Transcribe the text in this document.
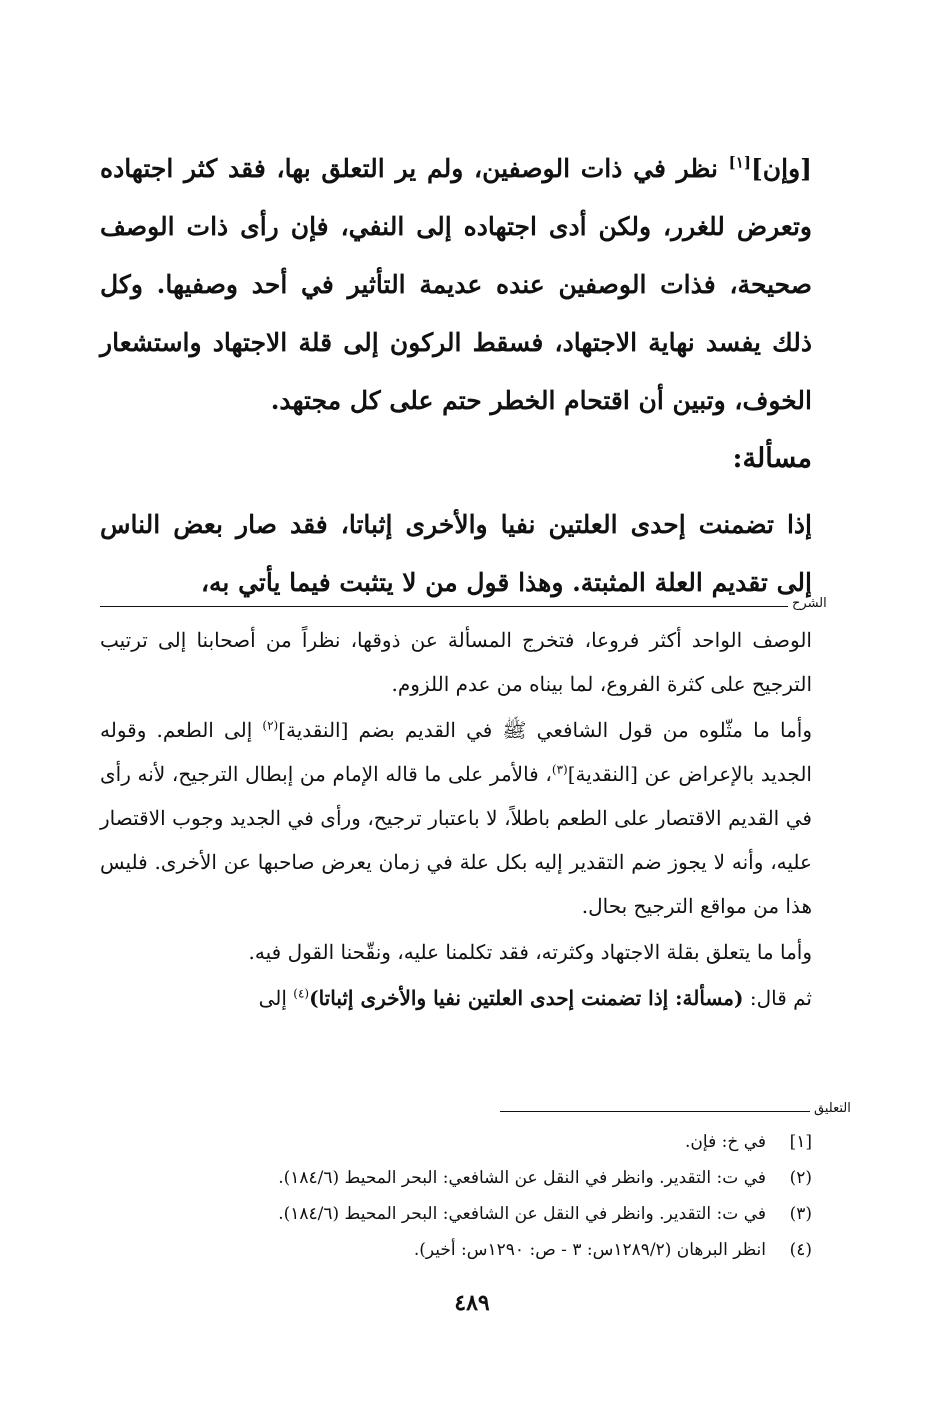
[وإن][١] نظر في ذات الوصفين، ولم ير التعلق بها، فقد كثر اجتهاده وتعرض للغرر، ولكن أدى اجتهاده إلى النفي، فإن رأى ذات الوصف صحيحة، فذات الوصفين عنده عديمة التأثير في أحد وصفيها. وكل ذلك يفسد نهاية الاجتهاد، فسقط الركون إلى قلة الاجتهاد واستشعار الخوف، وتبين أن اقتحام الخطر حتم على كل مجتهد.

مسألة:

إذا تضمنت إحدى العلتين نفيا والأخرى إثباتا، فقد صار بعض الناس إلى تقديم العلة المثبتة. وهذا قول من لا يتثبت فيما يأتي به،

الشرح

الوصف الواحد أكثر فروعا، فتخرج المسألة عن ذوقها، نظراً من أصحابنا إلى ترتيب الترجيح على كثرة الفروع، لما بيناه من عدم اللزوم.

وأما ما مثّلوه من قول الشافعي ﷺ في القديم بضم [النقدية]$^{(٢)}$ إلى الطعم. وقوله الجديد بالإعراض عن [النقدية]$^{(٣)}$، فالأمر على ما قاله الإمام من إبطال الترجيح، لأنه رأى في القديم الاقتصار على الطعم باطلاً، لا باعتبار ترجيح، ورأى في الجديد وجوب الاقتصار عليه، وأنه لا يجوز ضم التقدير إليه بكل علة في زمان يعرض صاحبها عن الأخرى. فليس هذا من مواقع الترجيح بحال.

وأما ما يتعلق بقلة الاجتهاد وكثرته، فقد تكلمنا عليه، ونقّحنا القول فيه.

ثم قال: (مسألة: إذا تضمنت إحدى العلتين نفيا والأخرى إثباتا)$^{(٤)}$ إلى

التعليق
[١]
في خ: فإن.
(٢)
في ت: التقدير. وانظر في النقل عن الشافعي: البحر المحيط (١٨٤/٦).
(٣)
في ت: التقدير. وانظر في النقل عن الشافعي: البحر المحيط (١٨٤/٦).
(٤)
انظر البرهان (١٢٨٩/٢س: ٣ - ص: ١٢٩٠س: أخير).
٤٨٩
